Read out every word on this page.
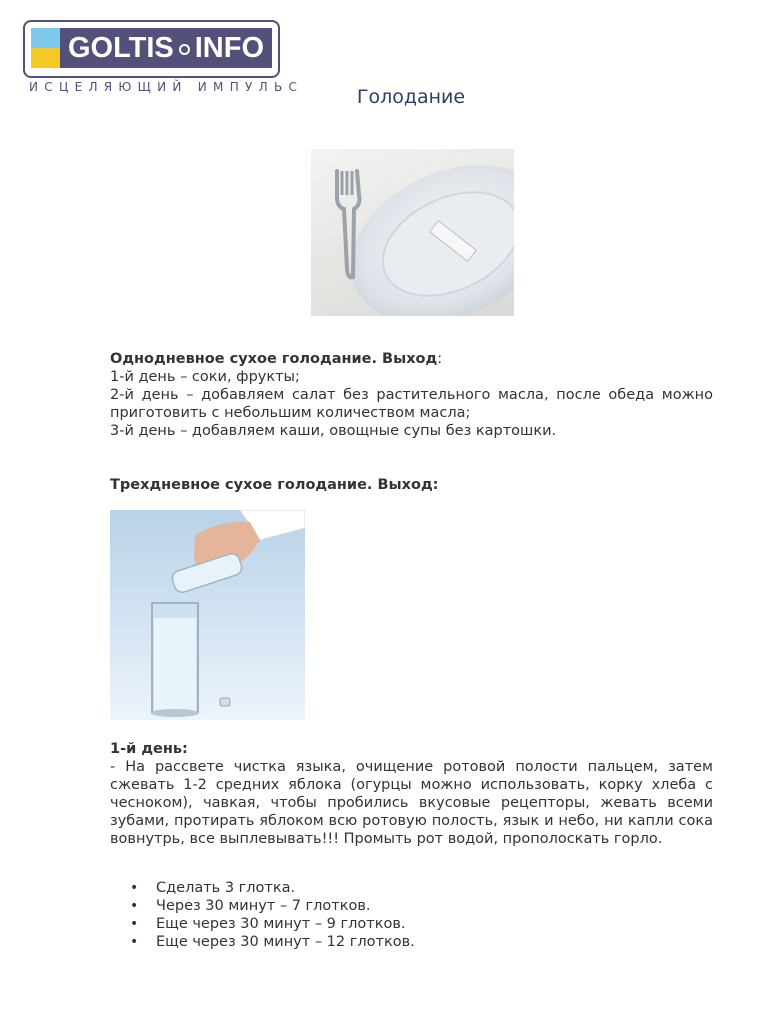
GOLTIS INFO
ИСЦЕЛЯЮЩИЙ ИМПУЛЬС	Голодание
Однодневное сухое голодание. Выход:
1-й день – соки, фрукты;
2-й день – добавляем салат без растительного масла, после обеда можно приготовить с небольшим количеством масла;
3-й день – добавляем каши, овощные супы без картошки.
Трехдневное сухое голодание. Выход:
1-й день:
- На рассвете чистка языка, очищение ротовой полости пальцем, затем сжевать 1-2 средних яблока (огурцы можно использовать, корку хлеба с чесноком), чавкая, чтобы пробились вкусовые рецепторы, жевать всеми зубами, протирать яблоком всю ротовую полость, язык и небо, ни капли сока вовнутрь, все выплевывать!!! Промыть рот водой, прополоскать горло.
• Сделать 3 глотка.
• Через 30 минут – 7 глотков.
• Еще через 30 минут – 9 глотков.
• Еще через 30 минут – 12 глотков.
